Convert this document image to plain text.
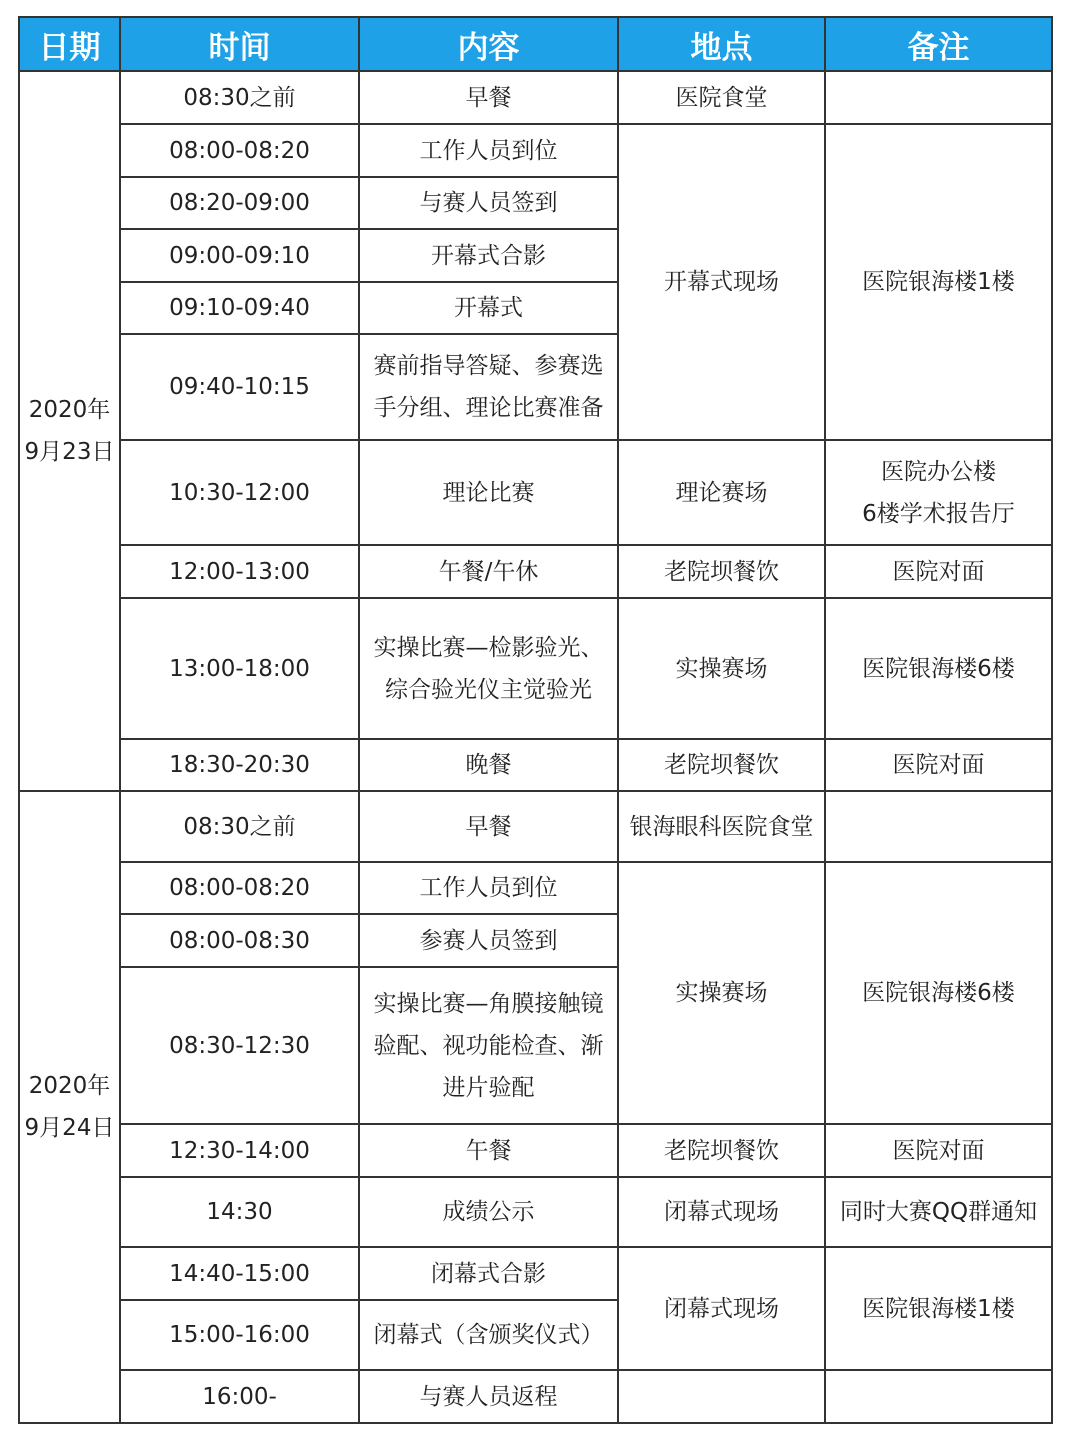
日期	时间	内容	地点	备注

2020年
9月23日	08:30之前	早餐	医院食堂	

	08:00-08:20	工作人员到位	开幕式现场	医院银海楼1楼

	08:20-09:00	与赛人员签到		

	09:00-09:10	开幕式合影		

	09:10-09:40	开幕式		

	09:40-10:15	赛前指导答疑、参赛选
手分组、理论比赛准备		

	10:30-12:00	理论比赛	理论赛场	医院办公楼
6楼学术报告厅

	12:00-13:00	午餐/午休	老院坝餐饮	医院对面

	13:00-18:00	实操比赛—检影验光、
综合验光仪主觉验光	实操赛场	医院银海楼6楼

	18:30-20:30	晚餐	老院坝餐饮	医院对面

2020年
9月24日	08:30之前	早餐	银海眼科医院食堂	

	08:00-08:20	工作人员到位	实操赛场	医院银海楼6楼

	08:00-08:30	参赛人员签到		

	08:30-12:30	实操比赛—角膜接触镜
验配、视功能检查、渐
进片验配		

	12:30-14:00	午餐	老院坝餐饮	医院对面

	14:30	成绩公示	闭幕式现场	同时大赛QQ群通知

	14:40-15:00	闭幕式合影	闭幕式现场	医院银海楼1楼

	15:00-16:00	闭幕式（含颁奖仪式）		

	16:00-	与赛人员返程		
